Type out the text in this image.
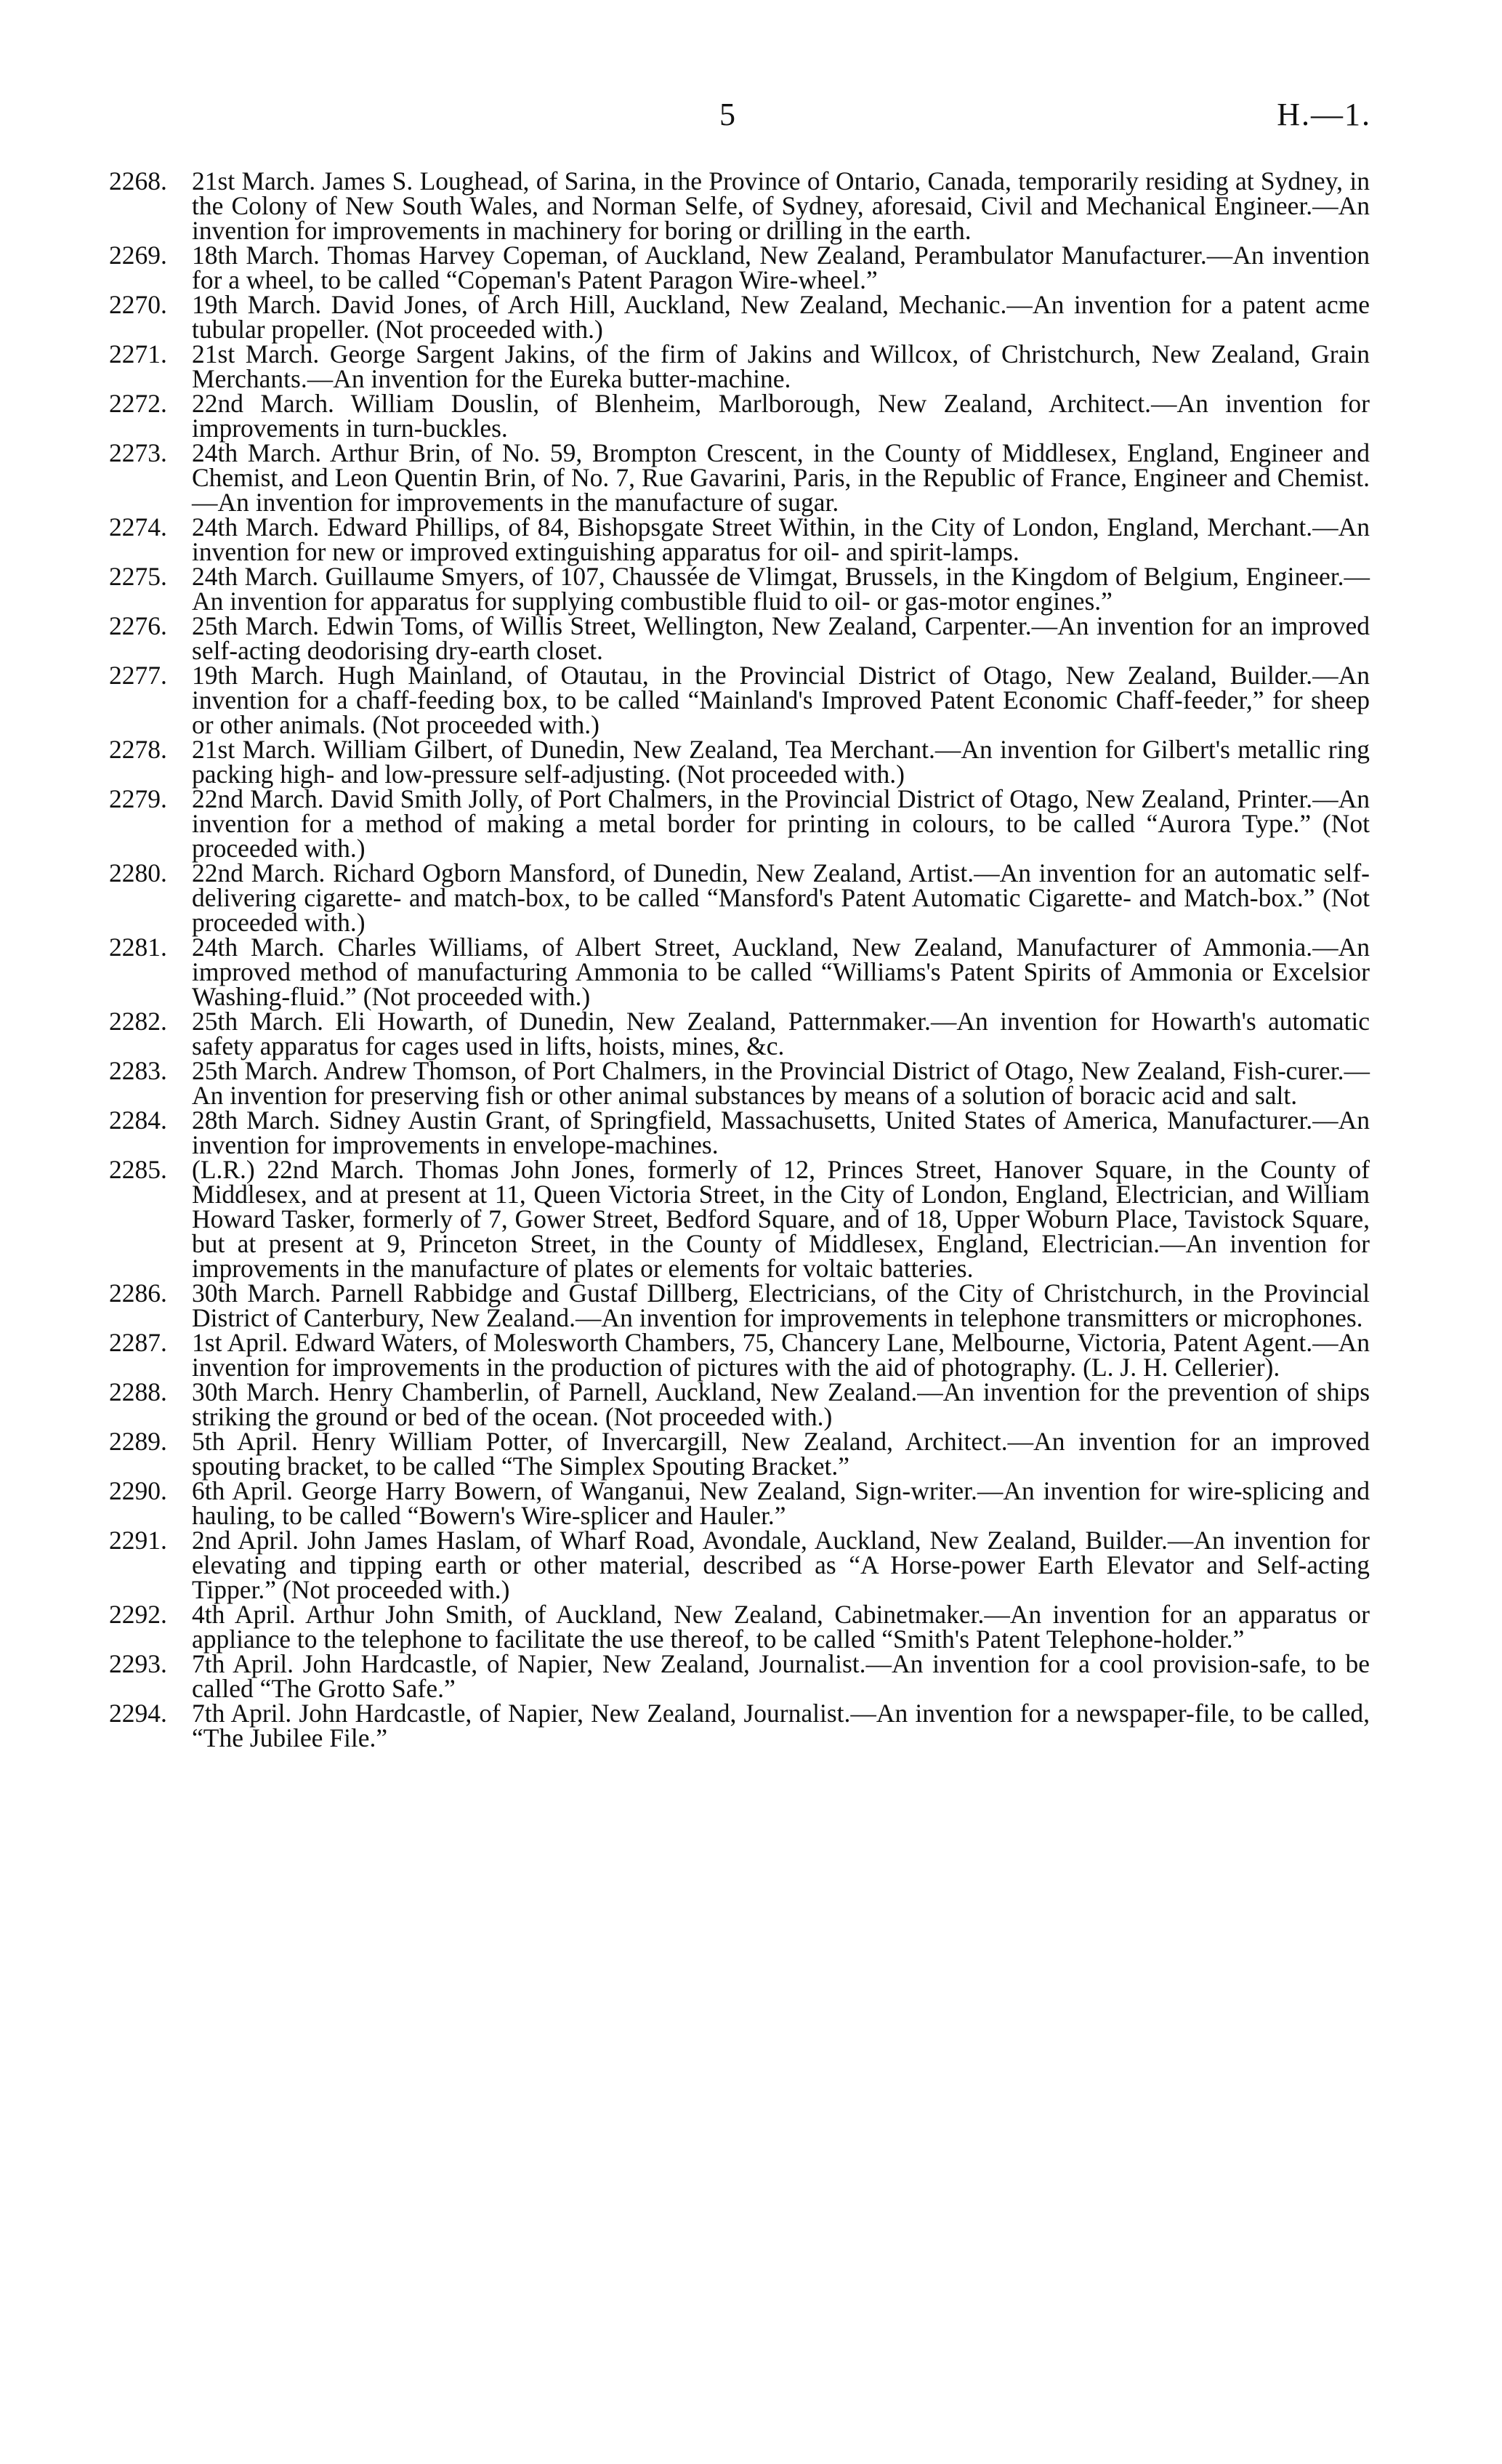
5	H.—1.
2268. 21st March. James S. Loughead, of Sarina, in the Province of Ontario, Canada, temporarily residing at Sydney, in the Colony of New South Wales, and Norman Selfe, of Sydney, aforesaid, Civil and Mechanical Engineer.—An invention for improvements in machinery for boring or drilling in the earth.
2269. 18th March. Thomas Harvey Copeman, of Auckland, New Zealand, Perambulator Manufacturer.—An invention for a wheel, to be called “Copeman's Patent Paragon Wire-wheel.”
2270. 19th March. David Jones, of Arch Hill, Auckland, New Zealand, Mechanic.—An invention for a patent acme tubular propeller. (Not proceeded with.)
2271. 21st March. George Sargent Jakins, of the firm of Jakins and Willcox, of Christchurch, New Zealand, Grain Merchants.—An invention for the Eureka butter-machine.
2272. 22nd March. William Douslin, of Blenheim, Marlborough, New Zealand, Architect.—An invention for improvements in turn-buckles.
2273. 24th March. Arthur Brin, of No. 59, Brompton Crescent, in the County of Middlesex, England, Engineer and Chemist, and Leon Quentin Brin, of No. 7, Rue Gavarini, Paris, in the Republic of France, Engineer and Chemist.—An invention for improvements in the manufacture of sugar.
2274. 24th March. Edward Phillips, of 84, Bishopsgate Street Within, in the City of London, England, Merchant.—An invention for new or improved extinguishing apparatus for oil- and spirit-lamps.
2275. 24th March. Guillaume Smyers, of 107, Chaussée de Vlimgat, Brussels, in the Kingdom of Belgium, Engineer.—An invention for apparatus for supplying combustible fluid to oil- or gas-motor engines.”
2276. 25th March. Edwin Toms, of Willis Street, Wellington, New Zealand, Carpenter.—An invention for an improved self-acting deodorising dry-earth closet.
2277. 19th March. Hugh Mainland, of Otautau, in the Provincial District of Otago, New Zealand, Builder.—An invention for a chaff-feeding box, to be called “Mainland's Improved Patent Economic Chaff-feeder,” for sheep or other animals. (Not proceeded with.)
2278. 21st March. William Gilbert, of Dunedin, New Zealand, Tea Merchant.—An invention for Gilbert's metallic ring packing high- and low-pressure self-adjusting. (Not proceeded with.)
2279. 22nd March. David Smith Jolly, of Port Chalmers, in the Provincial District of Otago, New Zealand, Printer.—An invention for a method of making a metal border for printing in colours, to be called “Aurora Type.” (Not proceeded with.)
2280. 22nd March. Richard Ogborn Mansford, of Dunedin, New Zealand, Artist.—An invention for an automatic self-delivering cigarette- and match-box, to be called “Mansford's Patent Automatic Cigarette- and Match-box.” (Not proceeded with.)
2281. 24th March. Charles Williams, of Albert Street, Auckland, New Zealand, Manufacturer of Ammonia.—An improved method of manufacturing Ammonia to be called “Williams's Patent Spirits of Ammonia or Excelsior Washing-fluid.” (Not proceeded with.)
2282. 25th March. Eli Howarth, of Dunedin, New Zealand, Patternmaker.—An invention for Howarth's automatic safety apparatus for cages used in lifts, hoists, mines, &c.
2283. 25th March. Andrew Thomson, of Port Chalmers, in the Provincial District of Otago, New Zealand, Fish-curer.—An invention for preserving fish or other animal substances by means of a solution of boracic acid and salt.
2284. 28th March. Sidney Austin Grant, of Springfield, Massachusetts, United States of America, Manufacturer.—An invention for improvements in envelope-machines.
2285. (L.R.) 22nd March. Thomas John Jones, formerly of 12, Princes Street, Hanover Square, in the County of Middlesex, and at present at 11, Queen Victoria Street, in the City of London, England, Electrician, and William Howard Tasker, formerly of 7, Gower Street, Bedford Square, and of 18, Upper Woburn Place, Tavistock Square, but at present at 9, Princeton Street, in the County of Middlesex, England, Electrician.—An invention for improvements in the manufacture of plates or elements for voltaic batteries.
2286. 30th March. Parnell Rabbidge and Gustaf Dillberg, Electricians, of the City of Christchurch, in the Provincial District of Canterbury, New Zealand.—An invention for improvements in telephone transmitters or microphones.
2287. 1st April. Edward Waters, of Molesworth Chambers, 75, Chancery Lane, Melbourne, Victoria, Patent Agent.—An invention for improvements in the production of pictures with the aid of photography. (L. J. H. Cellerier).
2288. 30th March. Henry Chamberlin, of Parnell, Auckland, New Zealand.—An invention for the prevention of ships striking the ground or bed of the ocean. (Not proceeded with.)
2289. 5th April. Henry William Potter, of Invercargill, New Zealand, Architect.—An invention for an improved spouting bracket, to be called “The Simplex Spouting Bracket.”
2290. 6th April. George Harry Bowern, of Wanganui, New Zealand, Sign-writer.—An invention for wire-splicing and hauling, to be called “Bowern's Wire-splicer and Hauler.”
2291. 2nd April. John James Haslam, of Wharf Road, Avondale, Auckland, New Zealand, Builder.—An invention for elevating and tipping earth or other material, described as “A Horse-power Earth Elevator and Self-acting Tipper.” (Not proceeded with.)
2292. 4th April. Arthur John Smith, of Auckland, New Zealand, Cabinetmaker.—An invention for an apparatus or appliance to the telephone to facilitate the use thereof, to be called “Smith's Patent Telephone-holder.”
2293. 7th April. John Hardcastle, of Napier, New Zealand, Journalist.—An invention for a cool provision-safe, to be called “The Grotto Safe.”
2294. 7th April. John Hardcastle, of Napier, New Zealand, Journalist.—An invention for a newspaper-file, to be called, “The Jubilee File.”
